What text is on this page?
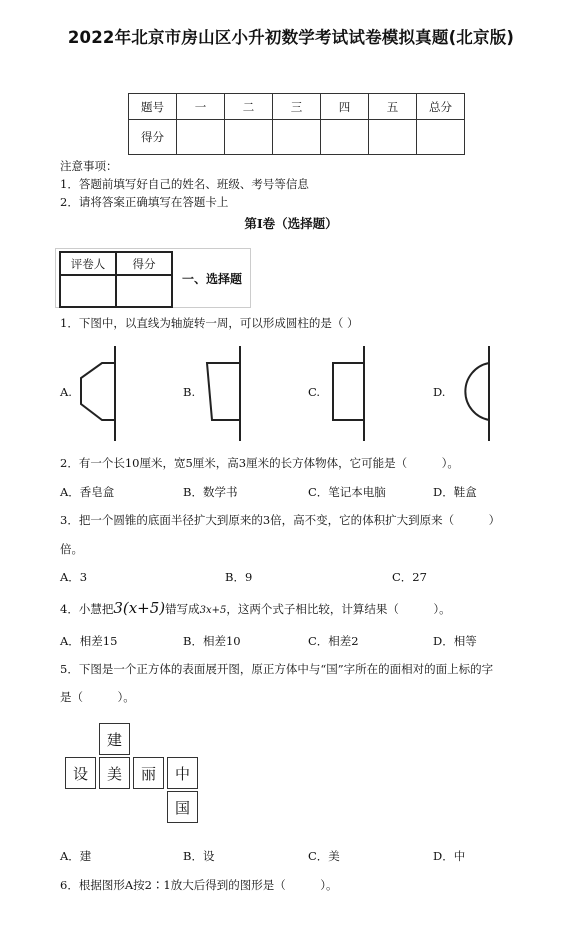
2022年北京市房山区小升初数学考试试卷模拟真题(北京版)
题号	一	二	三	四	五	总分
得分						
注意事项：
1．答题前填写好自己的姓名、班级、考号等信息
2．请将答案正确填写在答题卡上
第Ⅰ卷（选择题）
评卷人	得分

一、选择题
1．下图中，以直线为轴旋转一周，可以形成圆柱的是（ ）
A.	B.	C.	D.
2．有一个长10厘米，宽5厘米，高3厘米的长方体物体，它可能是（　　　）。
A．香皂盒	B．数学书	C．笔记本电脑	D．鞋盒
3．把一个圆锥的底面半径扩大到原来的3倍，高不变，它的体积扩大到原来（　　　）
倍。
A．3	B．9	C．27
4．小慧把3(x+5)错写成3x+5，这两个式子相比较，计算结果（　　　）。
A．相差15	B．相差10	C．相差2	D．相等
5．下图是一个正方体的表面展开图，原正方体中与“国”字所在的面相对的面上标的字
是（　　　）。
建
设	美	丽	中
国
A．建	B．设	C．美	D．中
6．根据图形A按2∶1放大后得到的图形是（　　　）。
